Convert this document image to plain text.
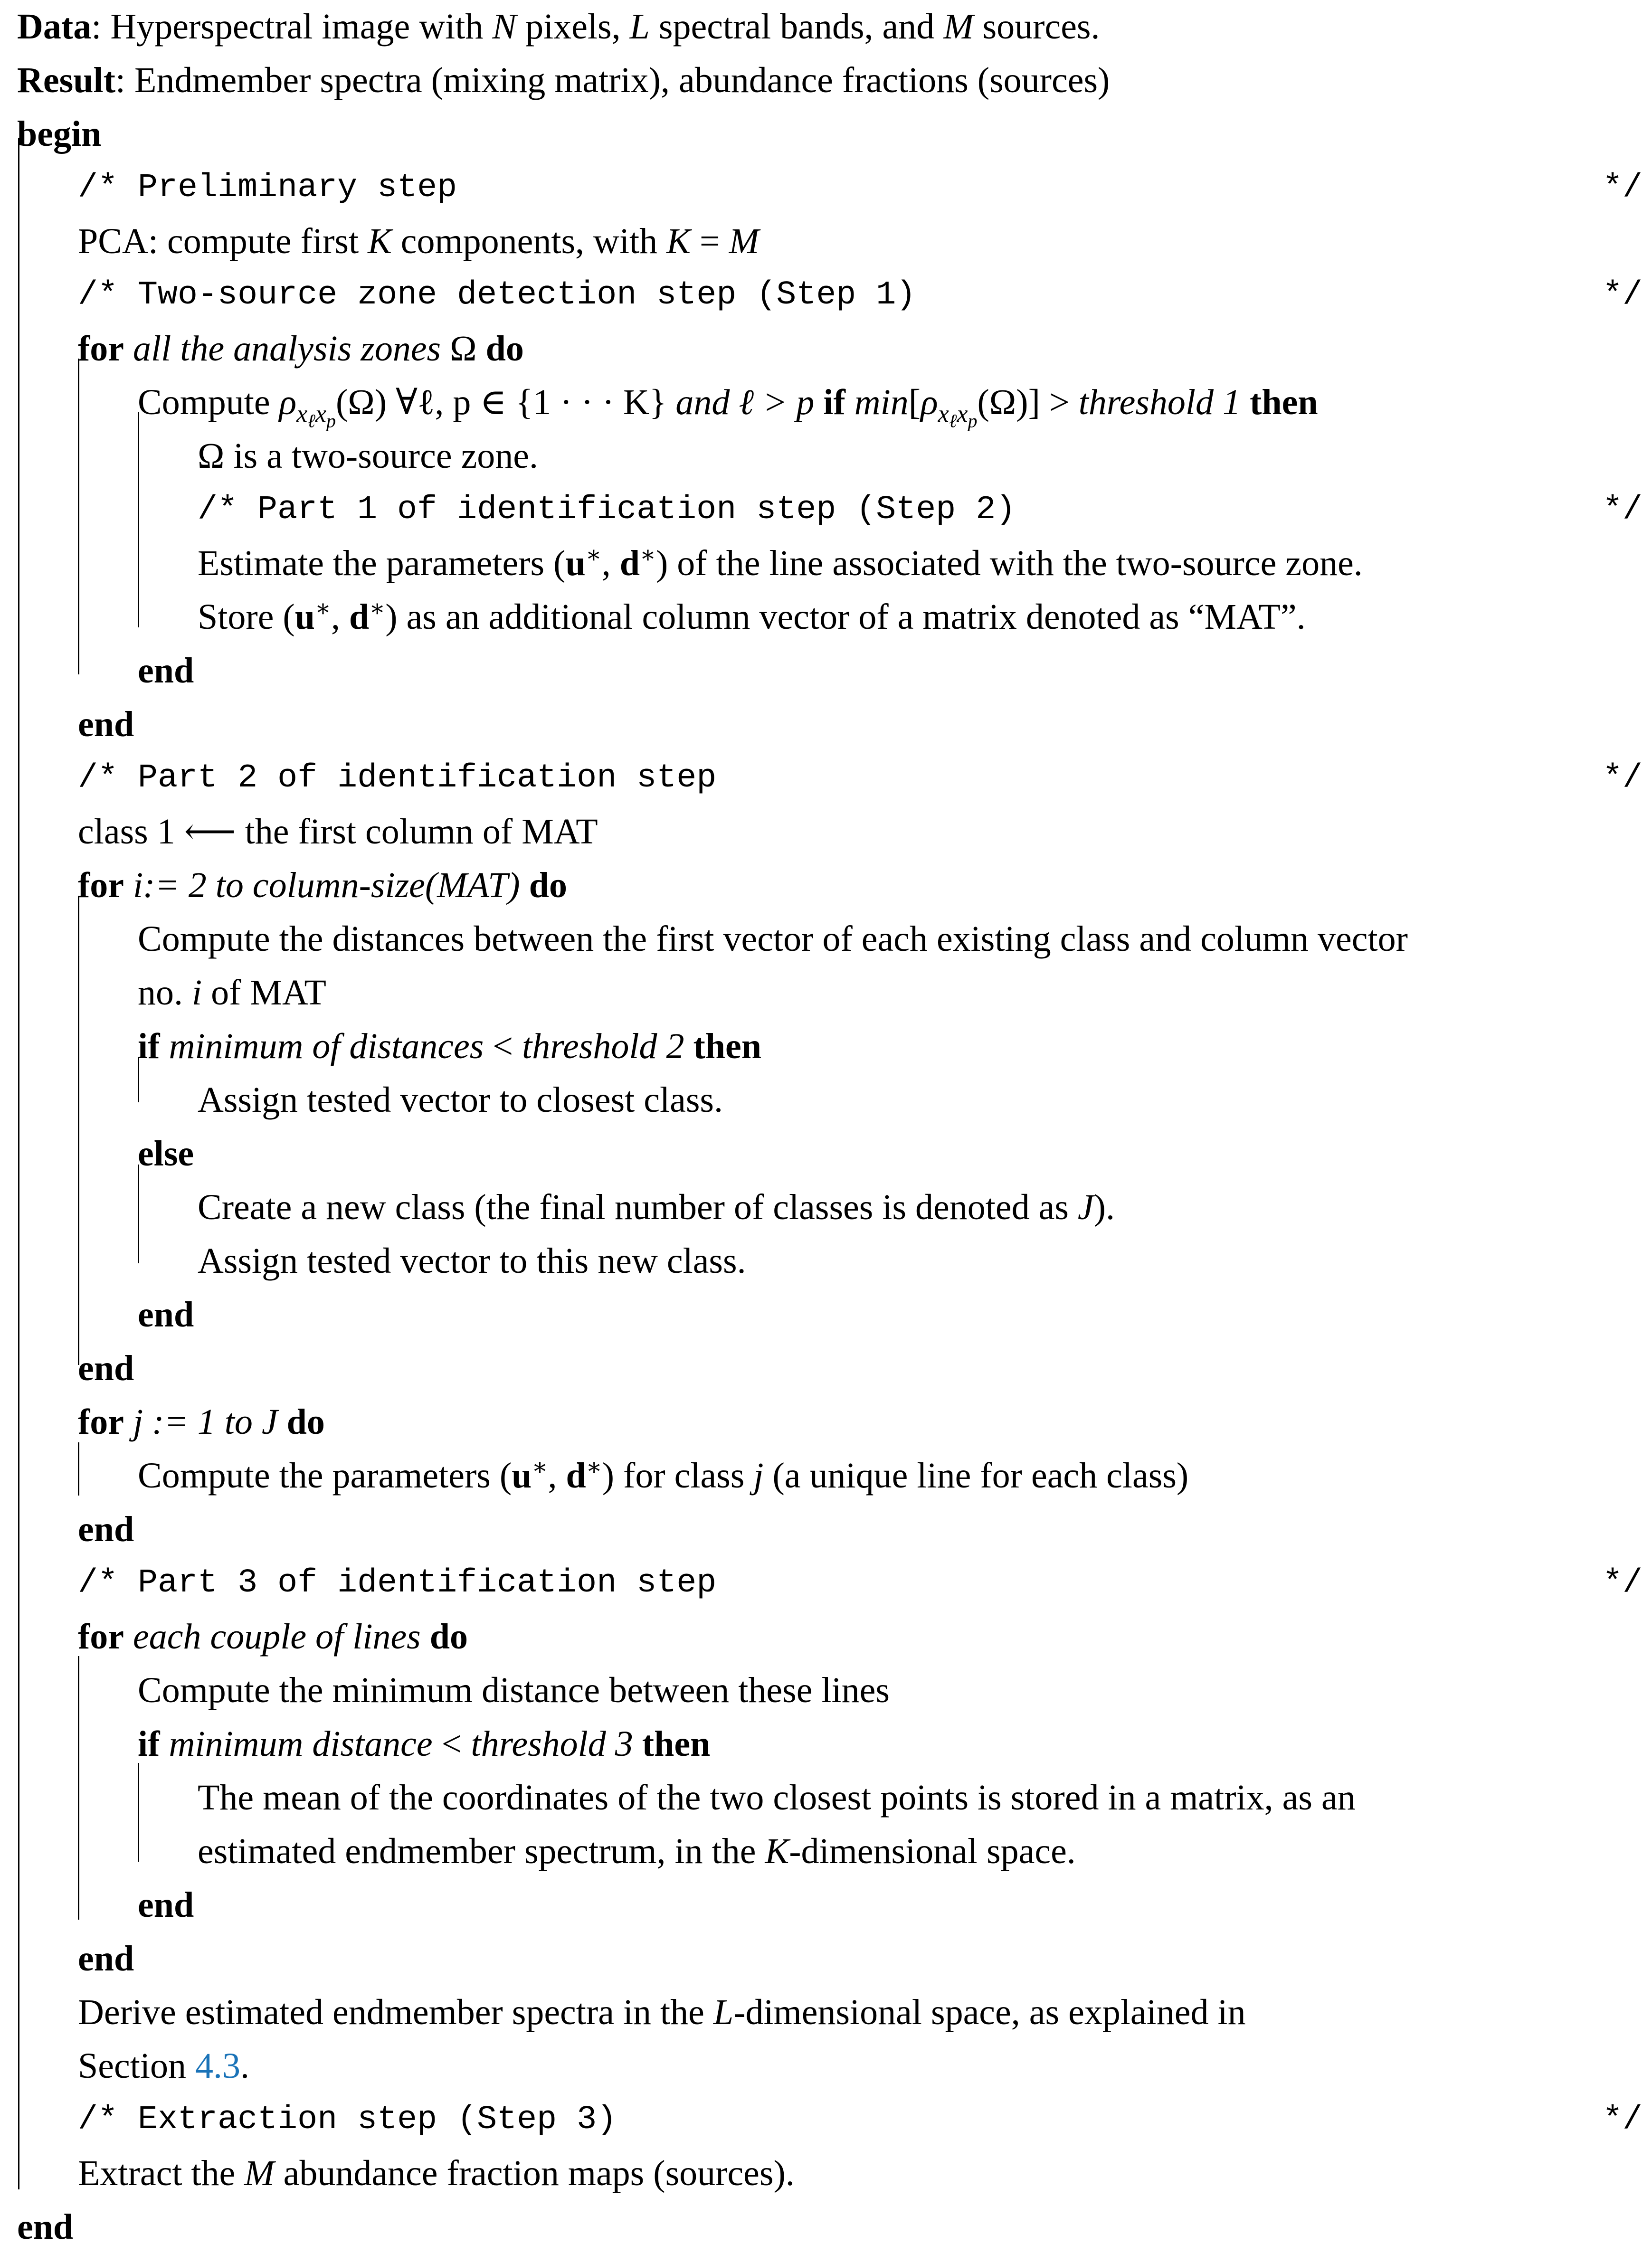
Data: Hyperspectral image with N pixels, L spectral bands, and M sources.
Result: Endmember spectra (mixing matrix), abundance fractions (sources)
begin
/* Preliminary step	*/
PCA: compute first K components, with K = M
/* Two-source zone detection step (Step 1)	*/
for all the analysis zones Ω do
Compute $\rho_{x_\ell x_p}(\Omega)$ ∀ℓ, p ∈ {1 · · · K} and ℓ > p if $\min[\rho_{x_\ell x_p}(\Omega)]$ > threshold 1 then
Ω is a two-source zone.
/* Part 1 of identification step (Step 2)	*/
Estimate the parameters (u∗, d∗) of the line associated with the two-source zone.
Store (u∗, d∗) as an additional column vector of a matrix denoted as “MAT”.
end
end
/* Part 2 of identification step	*/
class 1 ⟵ the first column of MAT
for i:= 2 to column-size(MAT) do
Compute the distances between the first vector of each existing class and column vector
no. i of MAT
if minimum of distances < threshold 2 then
Assign tested vector to closest class.
else
Create a new class (the final number of classes is denoted as J).
Assign tested vector to this new class.
end
end
for j := 1 to J do
Compute the parameters (u∗, d∗) for class j (a unique line for each class)
end
/* Part 3 of identification step	*/
for each couple of lines do
Compute the minimum distance between these lines
if minimum distance < threshold 3 then
The mean of the coordinates of the two closest points is stored in a matrix, as an
estimated endmember spectrum, in the K-dimensional space.
end
end
Derive estimated endmember spectra in the L-dimensional space, as explained in
Section 4.3.
/* Extraction step (Step 3)	*/
Extract the M abundance fraction maps (sources).
end
